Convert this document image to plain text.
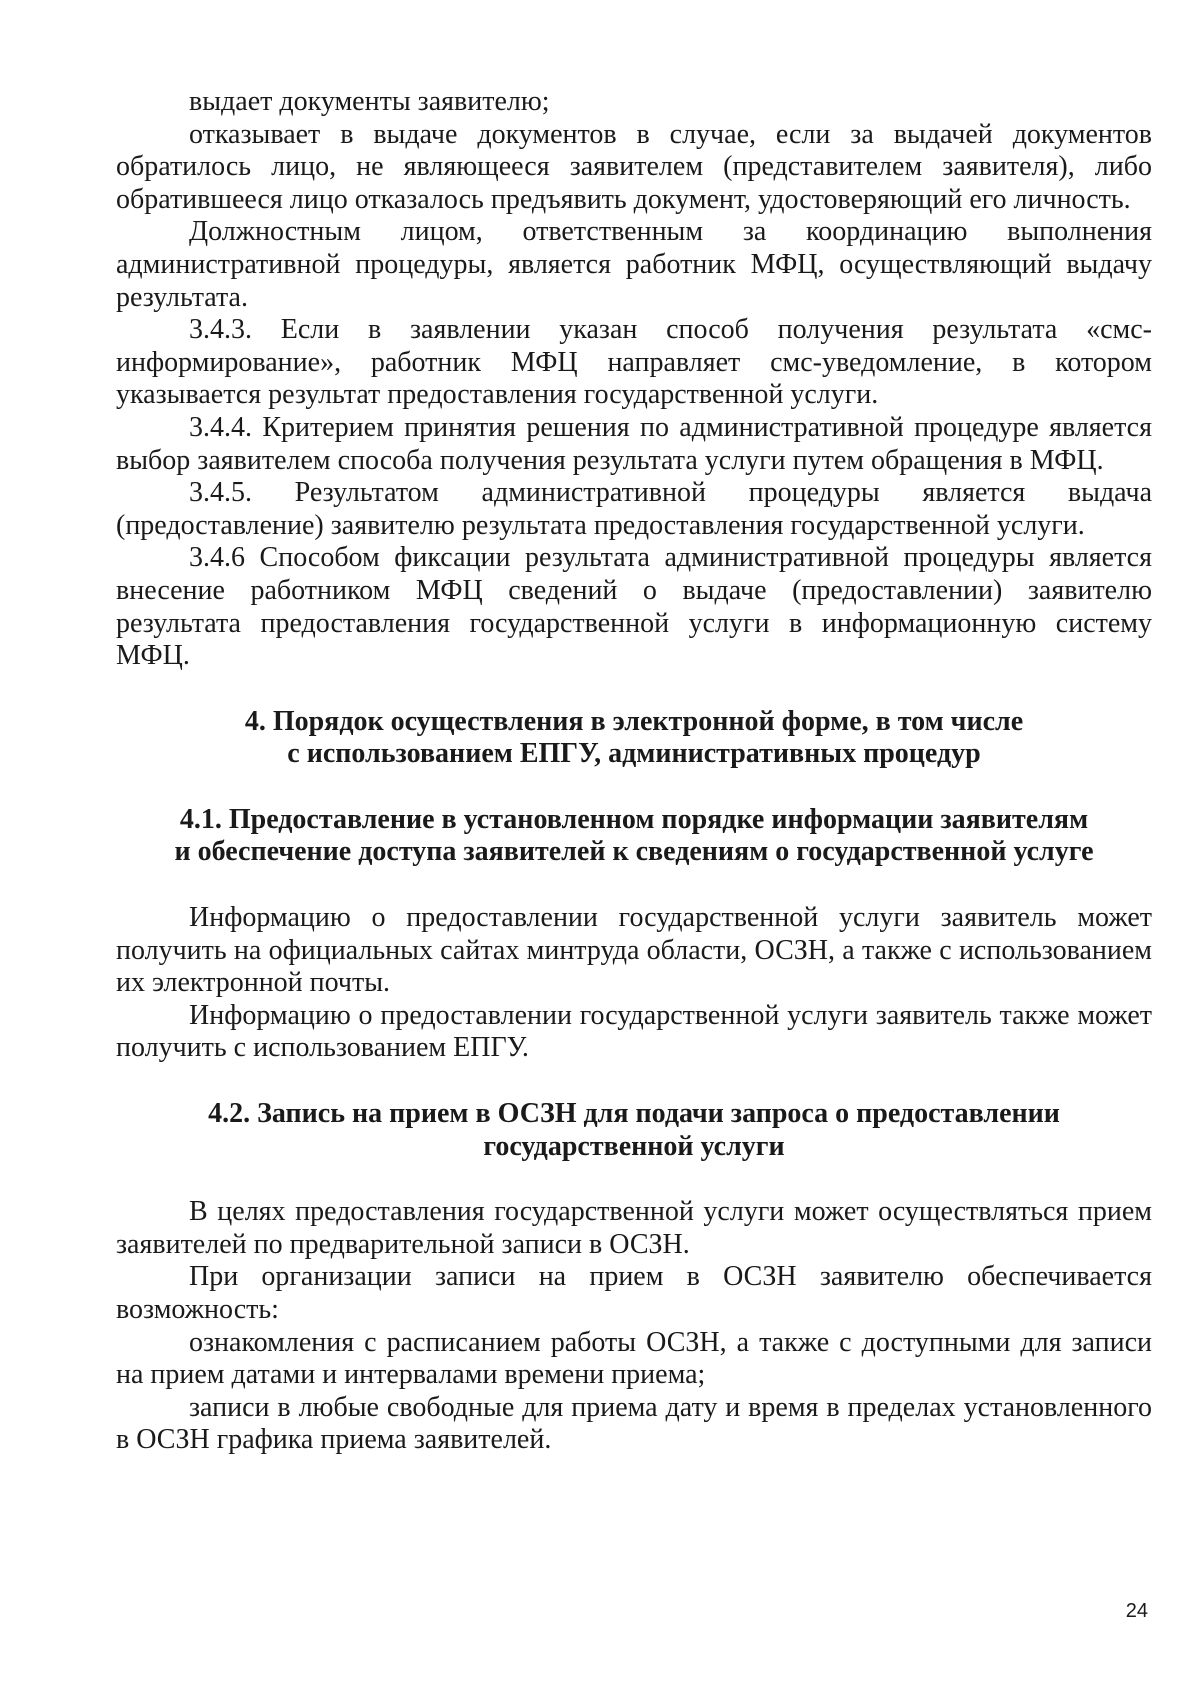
выдает документы заявителю;

отказывает в выдаче документов в случае, если за выдачей документов обратилось лицо, не являющееся заявителем (представителем заявителя), либо обратившееся лицо отказалось предъявить документ, удостоверяющий его личность.

Должностным лицом, ответственным за координацию выполнения административной процедуры, является работник МФЦ, осуществляющий выдачу результата.

3.4.3. Если в заявлении указан способ получения результата «смс-информирование», работник МФЦ направляет смс-уведомление, в котором указывается результат предоставления государственной услуги.

3.4.4. Критерием принятия решения по административной процедуре является выбор заявителем способа получения результата услуги путем обращения в МФЦ.

3.4.5. Результатом административной процедуры является выдача (предоставление) заявителю результата предоставления государственной услуги.

3.4.6 Способом фиксации результата административной процедуры является внесение работником МФЦ сведений о выдаче (предоставлении) заявителю результата предоставления государственной услуги в информационную систему МФЦ.

4. Порядок осуществления в электронной форме, в том числе
с использованием ЕПГУ, административных процедур
4.1. Предоставление в установленном порядке информации заявителям
и обеспечение доступа заявителей к сведениям о государственной услуге

Информацию о предоставлении государственной услуги заявитель может получить на официальных сайтах минтруда области, ОСЗН, а также с использованием их электронной почты.

Информацию о предоставлении государственной услуги заявитель также может получить с использованием ЕПГУ.

4.2. Запись на прием в ОСЗН для подачи запроса о предоставлении
государственной услуги

В целях предоставления государственной услуги может осуществляться прием заявителей по предварительной записи в ОСЗН.

При организации записи на прием в ОСЗН заявителю обеспечивается возможность:

ознакомления с расписанием работы ОСЗН, а также с доступными для записи на прием датами и интервалами времени приема;

записи в любые свободные для приема дату и время в пределах установленного в ОСЗН графика приема заявителей.

24
